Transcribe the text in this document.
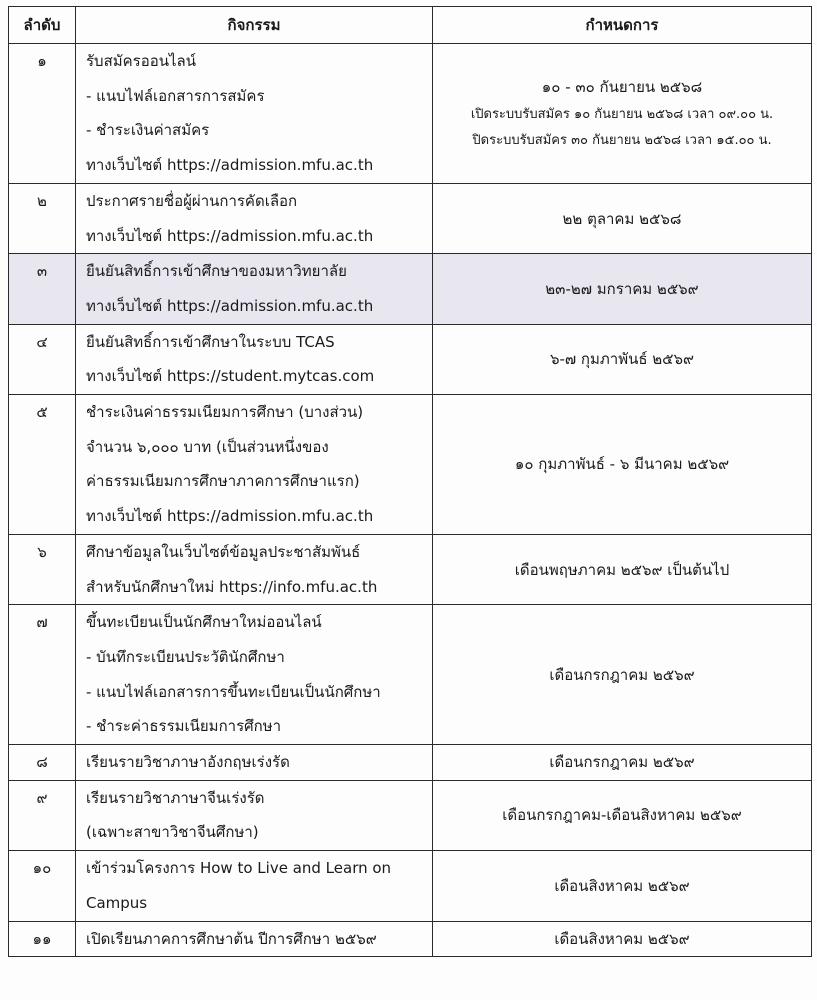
ลำดับ	กิจกรรม	กำหนดการ
๑	รับสมัครออนไลน์
- แนบไฟล์เอกสารการสมัคร
- ชำระเงินค่าสมัคร
ทางเว็บไซต์ https://admission.mfu.ac.th	๑๐ - ๓๐ กันยายน ๒๕๖๘
เปิดระบบรับสมัคร ๑๐ กันยายน ๒๕๖๘ เวลา ๐๙.๐๐ น.
ปิดระบบรับสมัคร ๓๐ กันยายน ๒๕๖๘ เวลา ๑๕.๐๐ น.

๒	ประกาศรายชื่อผู้ผ่านการคัดเลือก
ทางเว็บไซต์ https://admission.mfu.ac.th	๒๒ ตุลาคม ๒๕๖๘

๓	ยืนยันสิทธิ์การเข้าศึกษาของมหาวิทยาลัย
ทางเว็บไซต์ https://admission.mfu.ac.th	๒๓-๒๗ มกราคม ๒๕๖๙

๔	ยืนยันสิทธิ์การเข้าศึกษาในระบบ TCAS
ทางเว็บไซต์ https://student.mytcas.com	๖-๗ กุมภาพันธ์ ๒๕๖๙

๕	ชำระเงินค่าธรรมเนียมการศึกษา (บางส่วน)
จำนวน ๖,๐๐๐ บาท (เป็นส่วนหนึ่งของ
ค่าธรรมเนียมการศึกษาภาคการศึกษาแรก)
ทางเว็บไซต์ https://admission.mfu.ac.th	๑๐ กุมภาพันธ์ - ๖ มีนาคม ๒๕๖๙

๖	ศึกษาข้อมูลในเว็บไซต์ข้อมูลประชาสัมพันธ์
สำหรับนักศึกษาใหม่ https://info.mfu.ac.th	เดือนพฤษภาคม ๒๕๖๙ เป็นต้นไป

๗	ขึ้นทะเบียนเป็นนักศึกษาใหม่ออนไลน์
- บันทึกระเบียนประวัตินักศึกษา
- แนบไฟล์เอกสารการขึ้นทะเบียนเป็นนักศึกษา
- ชำระค่าธรรมเนียมการศึกษา	เดือนกรกฎาคม ๒๕๖๙

๘	เรียนรายวิชาภาษาอังกฤษเร่งรัด	เดือนกรกฎาคม ๒๕๖๙

๙	เรียนรายวิชาภาษาจีนเร่งรัด
(เฉพาะสาขาวิชาจีนศึกษา)	เดือนกรกฎาคม-เดือนสิงหาคม ๒๕๖๙

๑๐	เข้าร่วมโครงการ How to Live and Learn on
Campus	เดือนสิงหาคม ๒๕๖๙

๑๑	เปิดเรียนภาคการศึกษาต้น ปีการศึกษา ๒๕๖๙	เดือนสิงหาคม ๒๕๖๙
